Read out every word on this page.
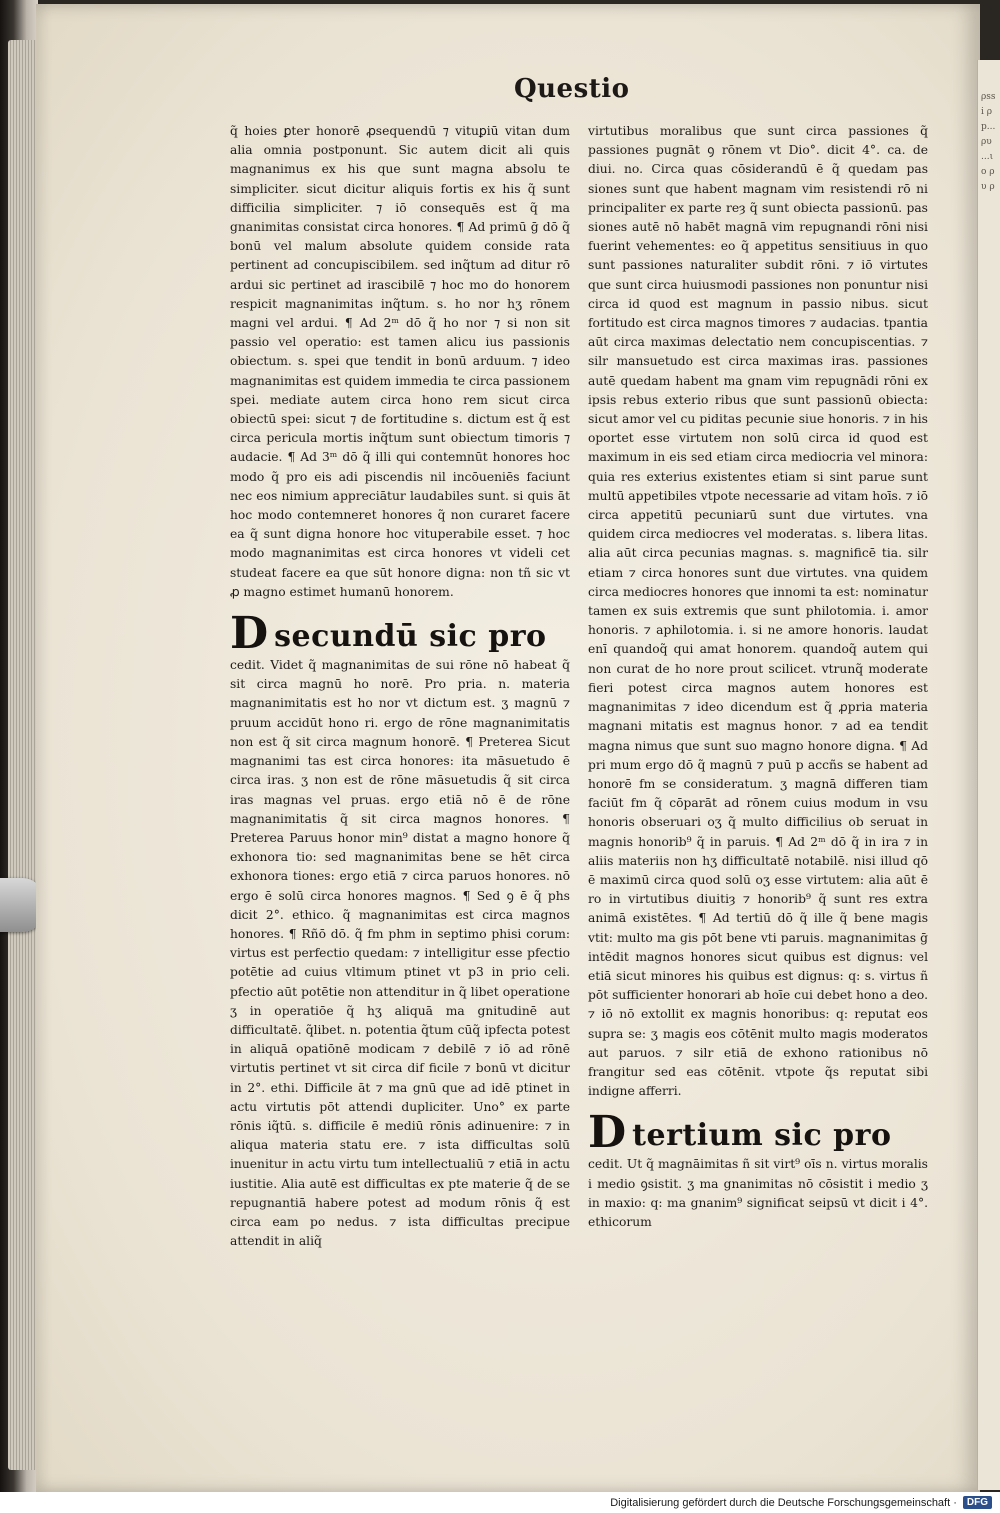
ρssi ρp... ρυ ...ιο ρυ ρ
Questio

q̃ hoies ꝑter honorē ꝓsequendū ⁊ vituꝑiū vitan dum alia omnia postponunt. Sic autem dicit ali quis magnanimus ex his que sunt magna absolu te simpliciter. sicut dicitur aliquis fortis ex his q̃ sunt difficilia simpliciter. ⁊ iō consequēs est q̃ ma gnanimitas consistat circa honores. ¶ Ad primū ḡ dō q̃ bonū vel malum absolute quidem conside rata pertinent ad concupiscibilem. sed inq̃tum ad ditur rō ardui sic pertinet ad irascibilē ⁊ hoc mo do honorem respicit magnanimitas inq̃tum. s. ho nor hʒ rōnem magni vel ardui. ¶ Ad 2ᵐ dō q̃ ho nor ⁊ si non sit passio vel operatio: est tamen alicu ius passionis obiectum. s. spei que tendit in bonū arduum. ⁊ ideo magnanimitas est quidem immedia te circa passionem spei. mediate autem circa hono rem sicut circa obiectū spei: sicut ⁊ de fortitudine s. dictum est q̃ est circa pericula mortis inq̃tum sunt obiectum timoris ⁊ audacie. ¶ Ad 3ᵐ dō q̃ illi qui contemnūt honores hoc modo q̃ pro eis adi piscendis nil incōueniēs faciunt nec eos nimium appreciātur laudabiles sunt. si quis āt hoc modo contemneret honores q̃ non curaret facere ea q̃ sunt digna honore hoc vituperabile esset. ⁊ hoc modo magnanimitas est circa honores vt videli cet studeat facere ea que sūt honore digna: non tñ sic vt ꝓ magno estimet humanū honorem.

D secundū sic pro

cedit. Videt q̃ magnanimitas de sui rōne nō habeat q̃ sit circa magnū ho norē. Pro pria. n. materia magnanimitatis est ho nor vt dictum est. ʒ magnū ⁊ pruum accidūt hono ri. ergo de rōne magnanimitatis non est q̃ sit circa magnum honorē. ¶ Preterea Sicut magnanimi tas est circa honores: ita māsuetudo ē circa iras. ʒ non est de rōne māsuetudis q̃ sit circa iras magnas vel pruas. ergo etiā nō ē de rōne magnanimitatis q̃ sit circa magnos honores. ¶ Preterea Paruus honor min⁹ distat a magno honore q̃ exhonora tio: sed magnanimitas bene se hēt circa exhonora tiones: ergo etiā ⁊ circa paruos honores. nō ergo ē solū circa honores magnos. ¶ Sed ꝯ ē q̃ phs dicit 2°. ethico. q̃ magnanimitas est circa magnos honores. ¶ Rñō dō. q̃ fm phm in septimo phisi corum: virtus est perfectio quedam: ⁊ intelligitur esse pfectio potētie ad cuius vltimum ptinet vt p3 in prio celi. pfectio aūt potētie non attenditur in q̃ libet operatione ʒ in operatiōe q̃ hʒ aliquā ma gnitudinē aut difficultatē. q̃libet. n. potentia q̃tum cūq̃ ipfecta potest in aliquā opatiōnē modicam ⁊ debilē ⁊ iō ad rōnē virtutis pertinet vt sit circa dif ficile ⁊ bonū vt dicitur in 2°. ethi. Difficile āt ⁊ ma gnū que ad idē ptinet in actu virtutis pōt attendi dupliciter. Uno° ex parte rōnis iq̃tū. s. difficile ē mediū rōnis adinuenire: ⁊ in aliqua materia statu ere. ⁊ ista difficultas solū inuenitur in actu virtu tum intellectualiū ⁊ etiā in actu iustitie. Alia autē est difficultas ex pte materie q̃ de se repugnantiā habere potest ad modum rōnis q̃ est circa eam po nedus. ⁊ ista difficultas precipue attendit in aliq̃

virtutibus moralibus que sunt circa passiones q̃ passiones pugnāt ꝯ rōnem vt Dio°. dicit 4°. ca. de diui. no. Circa quas cōsiderandū ē q̃ quedam pas siones sunt que habent magnam vim resistendi rō ni principaliter ex parte reȝ q̃ sunt obiecta passionū. pas siones autē nō habēt magnā vim repugnandi rōni nisi fuerint vehementes: eo q̃ appetitus sensitiuus in quo sunt passiones naturaliter subdit rōni. ⁊ iō virtutes que sunt circa huiusmodi passiones non ponuntur nisi circa id quod est magnum in passio nibus. sicut fortitudo est circa magnos timores ⁊ audacias. tpantia aūt circa maximas delectatio nem concupiscentias. ⁊ silr mansuetudo est circa maximas iras. passiones autē quedam habent ma gnam vim repugnādi rōni ex ipsis rebus exterio ribus que sunt passionū obiecta: sicut amor vel cu piditas pecunie siue honoris. ⁊ in his oportet esse virtutem non solū circa id quod est maximum in eis sed etiam circa mediocria vel minora: quia res exterius existentes etiam si sint parue sunt multū appetibiles vtpote necessarie ad vitam hoīs. ⁊ iō circa appetitū pecuniarū sunt due virtutes. vna quidem circa mediocres vel moderatas. s. libera litas. alia aūt circa pecunias magnas. s. magnificē tia. silr etiam ⁊ circa honores sunt due virtutes. vna quidem circa mediocres honores que innomi ta est: nominatur tamen ex suis extremis que sunt philotomia. i. amor honoris. ⁊ aphilotomia. i. si ne amore honoris. laudat enī quandoq̃ qui amat honorem. quandoq̃ autem qui non curat de ho nore prout scilicet. vtrunq̃ moderate fieri potest circa magnos autem honores est magnanimitas ⁊ ideo dicendum est q̃ ꝓpria materia magnani mitatis est magnus honor. ⁊ ad ea tendit magna nimus que sunt suo magno honore digna. ¶ Ad pri mum ergo dō q̃ magnū ⁊ puū p accñs se habent ad honorē fm se consideratum. ʒ magnā differen tiam faciūt fm q̃ cōparāt ad rōnem cuius modum in vsu honoris obseruari oʒ q̃ multo difficilius ob seruat in magnis honorib⁹ q̃ in paruis. ¶ Ad 2ᵐ dō q̃ in ira ⁊ in aliis materiis non hʒ difficultatē notabilē. nisi illud qō ē maximū circa quod solū oʒ esse virtutem: alia aūt ē ro in virtutibus diuitiȝ ⁊ honorib⁹ q̃ sunt res extra animā existētes. ¶ Ad tertiū dō q̃ ille q̃ bene magis vtit: multo ma gis pōt bene vti paruis. magnanimitas ḡ intēdit magnos honores sicut quibus est dignus: vel etiā sicut minores his quibus est dignus: q: s. virtus ñ pōt sufficienter honorari ab hoīe cui debet hono a deo. ⁊ iō nō extollit ex magnis honoribus: q: reputat eos supra se: ʒ magis eos cōtēnit multo magis moderatos aut paruos. ⁊ silr etiā de exhono rationibus nō frangitur sed eas cōtēnit. vtpote q̃s reputat sibi indigne afferri.

D tertium sic pro

cedit. Ut q̃ magnāimitas ñ sit virt⁹ oīs n. virtus moralis i medio ꝯsistit. ʒ ma gnanimitas nō cōsistit i medio ʒ in maxio: q: ma gnanim⁹ significat seipsū vt dicit i 4°. ethicorum

Digitalisierung gefördert durch die Deutsche Forschungsgemeinschaft ·	DFG
